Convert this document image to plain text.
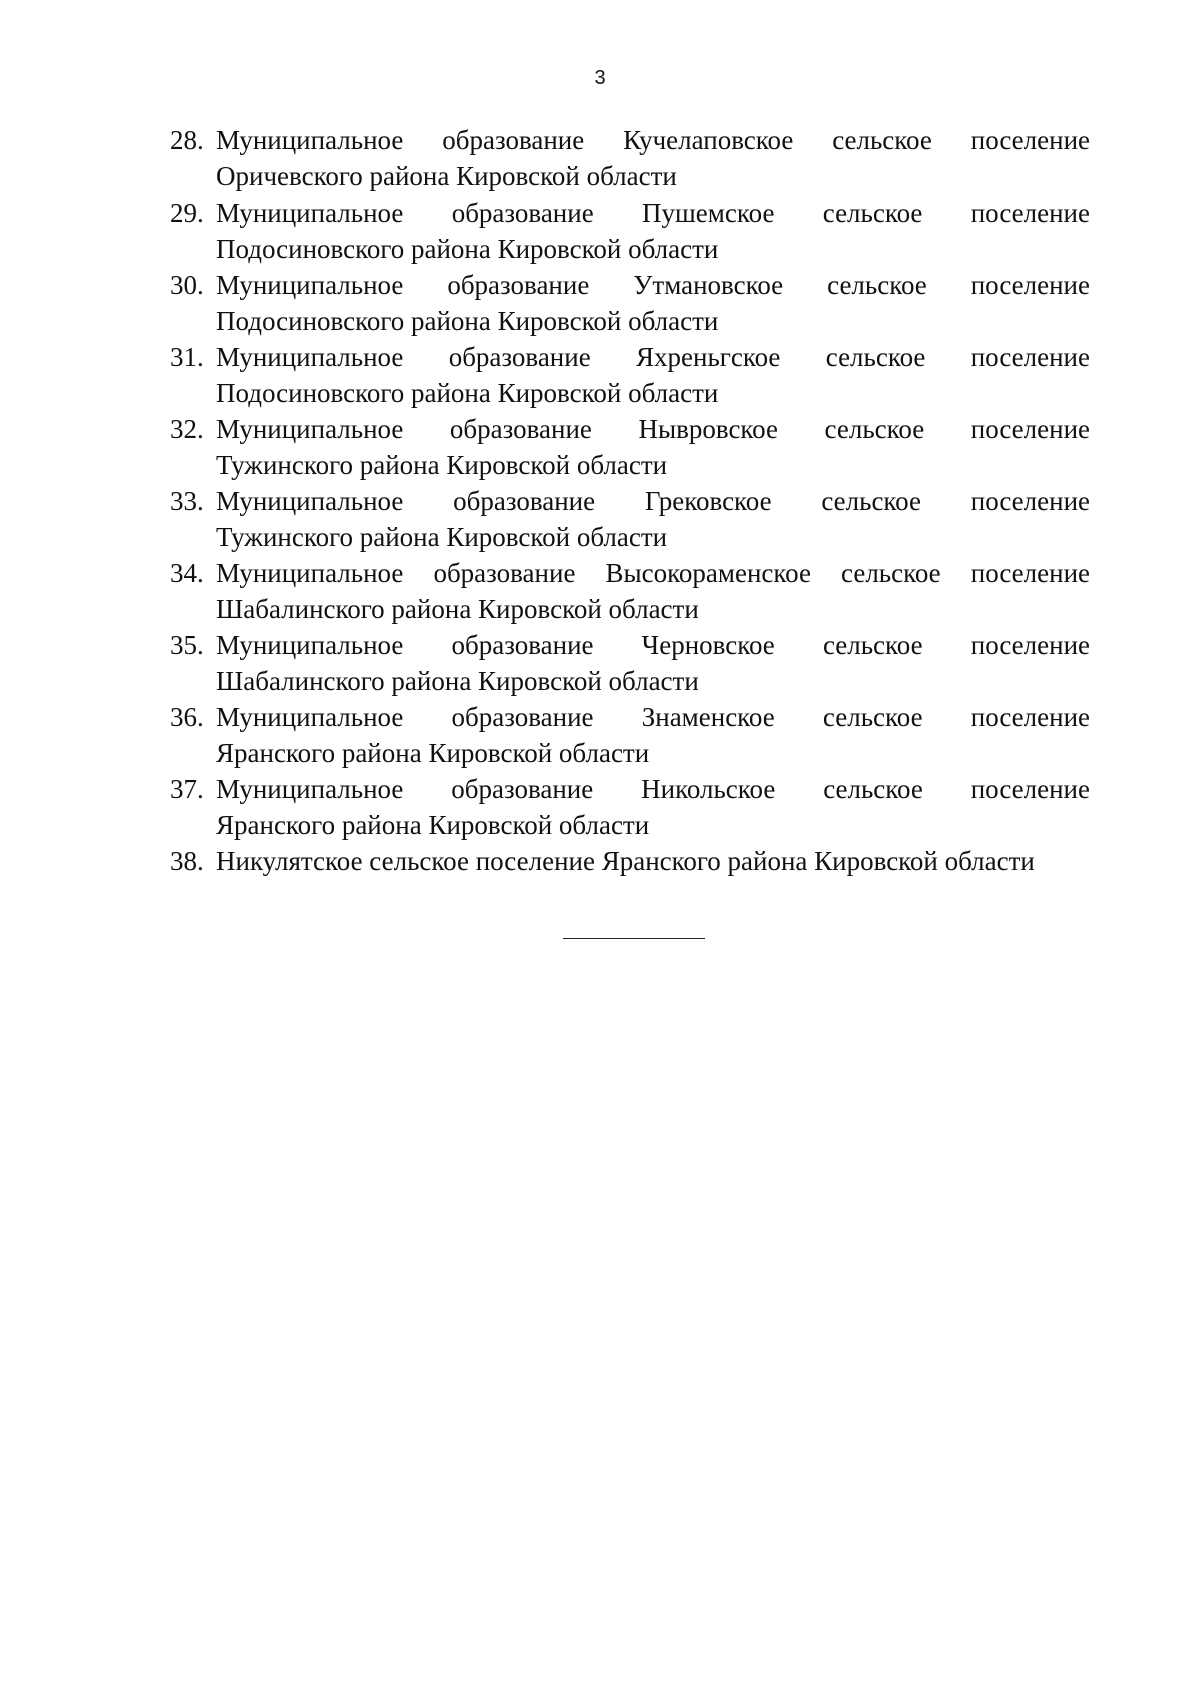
3
28. Муниципальное образование Кучелаповское сельское поселение
Оричевского района Кировской области
29. Муниципальное образование Пушемское сельское поселение
Подосиновского района Кировской области
30. Муниципальное образование Утмановское сельское поселение
Подосиновского района Кировской области
31. Муниципальное образование Яхреньгское сельское поселение
Подосиновского района Кировской области
32. Муниципальное образование Нывровское сельское поселение
Тужинского района Кировской области
33. Муниципальное образование Грековское сельское поселение
Тужинского района Кировской области
34. Муниципальное образование Высокораменское сельское поселение
Шабалинского района Кировской области
35. Муниципальное образование Черновское сельское поселение
Шабалинского района Кировской области
36. Муниципальное образование Знаменское сельское поселение
Яранского района Кировской области
37. Муниципальное образование Никольское сельское поселение
Яранского района Кировской области
38. Никулятское сельское поселение Яранского района Кировской области
